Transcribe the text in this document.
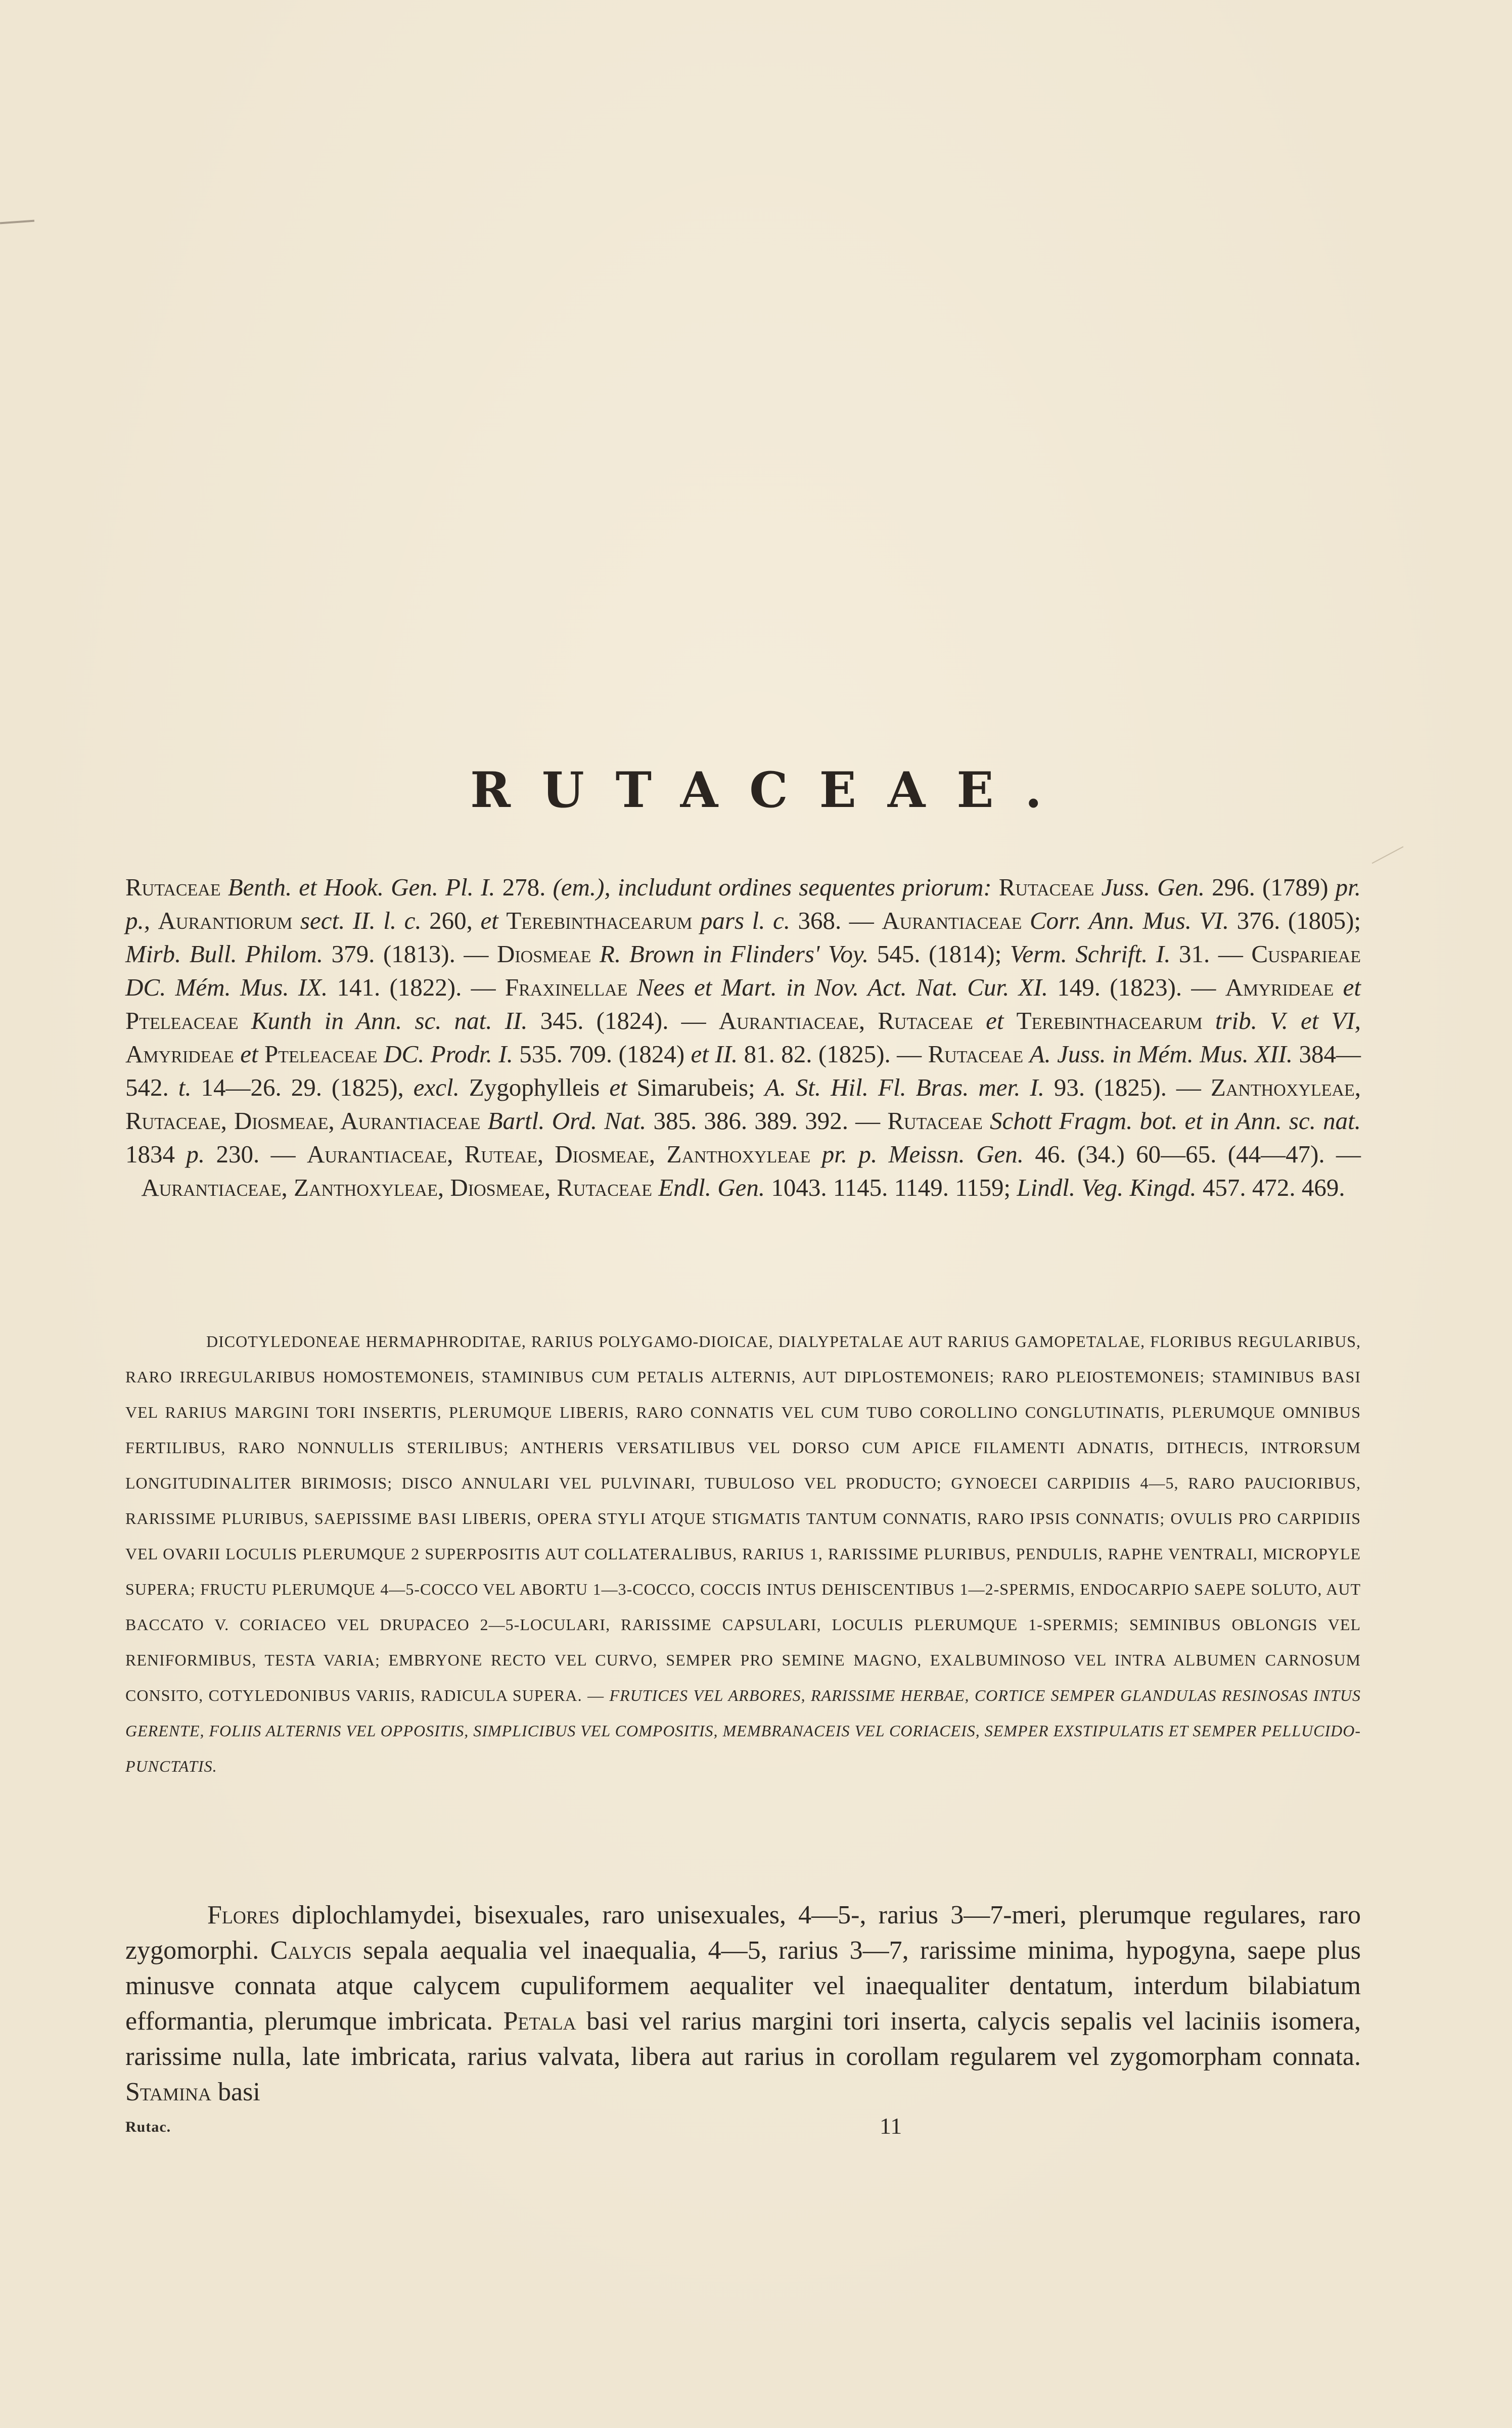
RUTACEAE.

Rutaceae Benth. et Hook. Gen. Pl. I. 278. (em.), includunt ordines sequentes priorum: Rutaceae Juss. Gen. 296. (1789) pr. p., Aurantiorum sect. II. l. c. 260, et Terebinthacearum pars l. c. 368. — Aurantiaceae Corr. Ann. Mus. VI. 376. (1805); Mirb. Bull. Philom. 379. (1813). — Diosmeae R. Brown in Flinders' Voy. 545. (1814); Verm. Schrift. I. 31. — Cusparieae DC. Mém. Mus. IX. 141. (1822). — Fraxinellae Nees et Mart. in Nov. Act. Nat. Cur. XI. 149. (1823). — Amyrideae et Pteleaceae Kunth in Ann. sc. nat. II. 345. (1824). — Aurantiaceae, Rutaceae et Terebinthacearum trib. V. et VI, Amyrideae et Pteleaceae DC. Prodr. I. 535. 709. (1824) et II. 81. 82. (1825). — Rutaceae A. Juss. in Mém. Mus. XII. 384—542. t. 14—26. 29. (1825), excl. Zygophylleis et Simarubeis; A. St. Hil. Fl. Bras. mer. I. 93. (1825). — Zanthoxyleae, Rutaceae, Diosmeae, Aurantiaceae Bartl. Ord. Nat. 385. 386. 389. 392. — Rutaceae Schott Fragm. bot. et in Ann. sc. nat. 1834 p. 230. — Aurantiaceae, Ruteae, Diosmeae, Zanthoxyleae pr. p. Meissn. Gen. 46. (34.) 60—65. (44—47). — Aurantiaceae, Zanthoxyleae, Diosmeae, Rutaceae Endl. Gen. 1043. 1145. 1149. 1159; Lindl. Veg. Kingd. 457. 472. 469.

DICOTYLEDONEAE HERMAPHRODITAE, RARIUS POLYGAMO-DIOICAE, DIALYPETALAE AUT RARIUS GAMOPETALAE, FLORIBUS REGULARIBUS, RARO IRREGULARIBUS HOMOSTEMONEIS, STAMINIBUS CUM PETALIS ALTERNIS, AUT DIPLOSTEMONEIS; RARO PLEIOSTEMONEIS; STAMINIBUS BASI VEL RARIUS MARGINI TORI INSERTIS, PLERUMQUE LIBERIS, RARO CONNATIS VEL CUM TUBO COROLLINO CONGLUTINATIS, PLERUMQUE OMNIBUS FERTILIBUS, RARO NONNULLIS STERILIBUS; ANTHERIS VERSATILIBUS VEL DORSO CUM APICE FILAMENTI ADNATIS, DITHECIS, INTRORSUM LONGITUDINALITER BIRIMOSIS; DISCO ANNULARI VEL PULVINARI, TUBULOSO VEL PRODUCTO; GYNOECEI CARPIDIIS 4—5, RARO PAUCIORIBUS, RARISSIME PLURIBUS, SAEPISSIME BASI LIBERIS, OPERA STYLI ATQUE STIGMATIS TANTUM CONNATIS, RARO IPSIS CONNATIS; OVULIS PRO CARPIDIIS VEL OVARII LOCULIS PLERUMQUE 2 SUPERPOSITIS AUT COLLATERALIBUS, RARIUS 1, RARISSIME PLURIBUS, PENDULIS, RAPHE VENTRALI, MICROPYLE SUPERA; FRUCTU PLERUMQUE 4—5-COCCO VEL ABORTU 1—3-COCCO, COCCIS INTUS DEHISCENTIBUS 1—2-SPERMIS, ENDOCARPIO SAEPE SOLUTO, AUT BACCATO V. CORIACEO VEL DRUPACEO 2—5-LOCULARI, RARISSIME CAPSULARI, LOCULIS PLERUMQUE 1-SPERMIS; SEMINIBUS OBLONGIS VEL RENIFORMIBUS, TESTA VARIA; EMBRYONE RECTO VEL CURVO, SEMPER PRO SEMINE MAGNO, EXALBUMINOSO VEL INTRA ALBUMEN CARNOSUM CONSITO, COTYLEDONIBUS VARIIS, RADICULA SUPERA. — FRUTICES VEL ARBORES, RARISSIME HERBAE, CORTICE SEMPER GLANDULAS RESINOSAS INTUS GERENTE, FOLIIS ALTERNIS VEL OPPOSITIS, SIMPLICIBUS VEL COMPOSITIS, MEMBRANACEIS VEL CORIACEIS, SEMPER EXSTIPULATIS ET SEMPER PELLUCIDO-PUNCTATIS.

Flores diplochlamydei, bisexuales, raro unisexuales, 4—5-, rarius 3—7-meri, plerumque regulares, raro zygomorphi. Calycis sepala aequalia vel inaequalia, 4—5, rarius 3—7, rarissime minima, hypogyna, saepe plus minusve connata atque calycem cupuliformem aequaliter vel inaequaliter dentatum, interdum bilabiatum efformantia, plerumque imbricata. Petala basi vel rarius margini tori inserta, calycis sepalis vel laciniis isomera, rarissime nulla, late imbricata, rarius valvata, libera aut rarius in corollam regularem vel zygomorpham connata. Stamina basi

Rutac.	11
